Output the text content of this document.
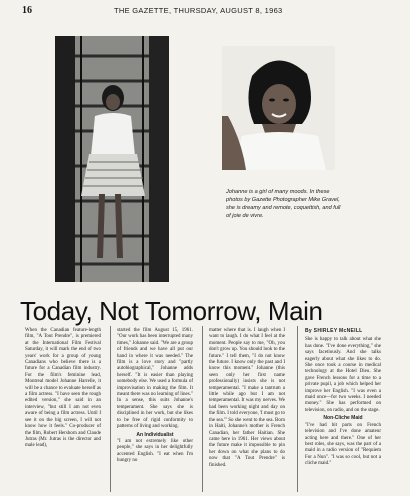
16	THE GAZETTE, THURSDAY, AUGUST 8, 1963
Johanne is a girl of many moods. In these photos by Gazette Photographer Mike Gravel, she is dreamy and remote, coquettish, and full of joie de vivre.
Today, Not Tomorrow, Main

When the Canadian feature-length film, "A Tout Prendre", is premiered at the International Film Festival Saturday, it will mark the end of two years' work for a group of young Canadians who believe there is a future for a Canadian film industry. For the film's feminine lead, Montreal model Johanne Harrelle, it will be a chance to evaluate herself as a film actress. "I have seen the rough edited version," she said in an interview, "but still I am not even aware of being a film actress. Until I see it on the big screen, I will not know how it feels." Co-producer of the film, Robert Hershorn and Claude Jutras (Mr. Jutras is the director and male lead),

started the film August 15, 1961. "Our work has been interrupted many times," Johanne said. "We are a group of friends and we have all put our hand in where it was needed." The film is a love story and "partly autobiographical," Johanne adds herself. "It is easier than playing somebody else. We used a formula of improvisation in making the film. It meant there was no learning of lines." In a sense, this suits Johanne's temperament. She says she is disciplined in her work, but she likes to be free of rigid conformity to patterns of living and working.

An Individualist

"I am not extremely like other people," she says in her delightfully accented English. "I eat when I'm hungry no

matter where that is. I laugh when I want to laugh. I do what I feel at the moment. People say to me, "Oh, you don't grow up. You should look to the future." I tell them, "I do not know the future. I know only the past and I know this moment." Johanne (this seen only her first name professionally) insists she is not temperamental. "I make a tantrum a little while ago but I am not temperamental. It was my nerves. We had been working night and day on the film. I told everyone, 'I must go to the sea.'" So she went to the sea. Born in Haiti, Johanne's mother is French Canadian, her father Haitian. She came here in 1961. Her views about the future make it impossible to pin her down on what she plans to do now that "A Tout Prendre" is finished.

By SHIRLEY McNEILL

She is happy to talk about what she has done. "I've done everything," she says facetiously. And she talks eagerly about what she likes to do. She once took a course in medical technology at the Hotel Dieu. She gave French lessons for a time to a private pupil, a job which helped her improve her English. "I was even a maid once—for two weeks. I needed money." She has performed on television, on radio, and on the stage.

Non-Cliche Maid

"I've had bit parts on French television and I've done amateur acting here and there." One of her best roles, she says, was the part of a maid in a radio version of "Requiem For a Nun". "I was so cool, but not a cliche maid."
